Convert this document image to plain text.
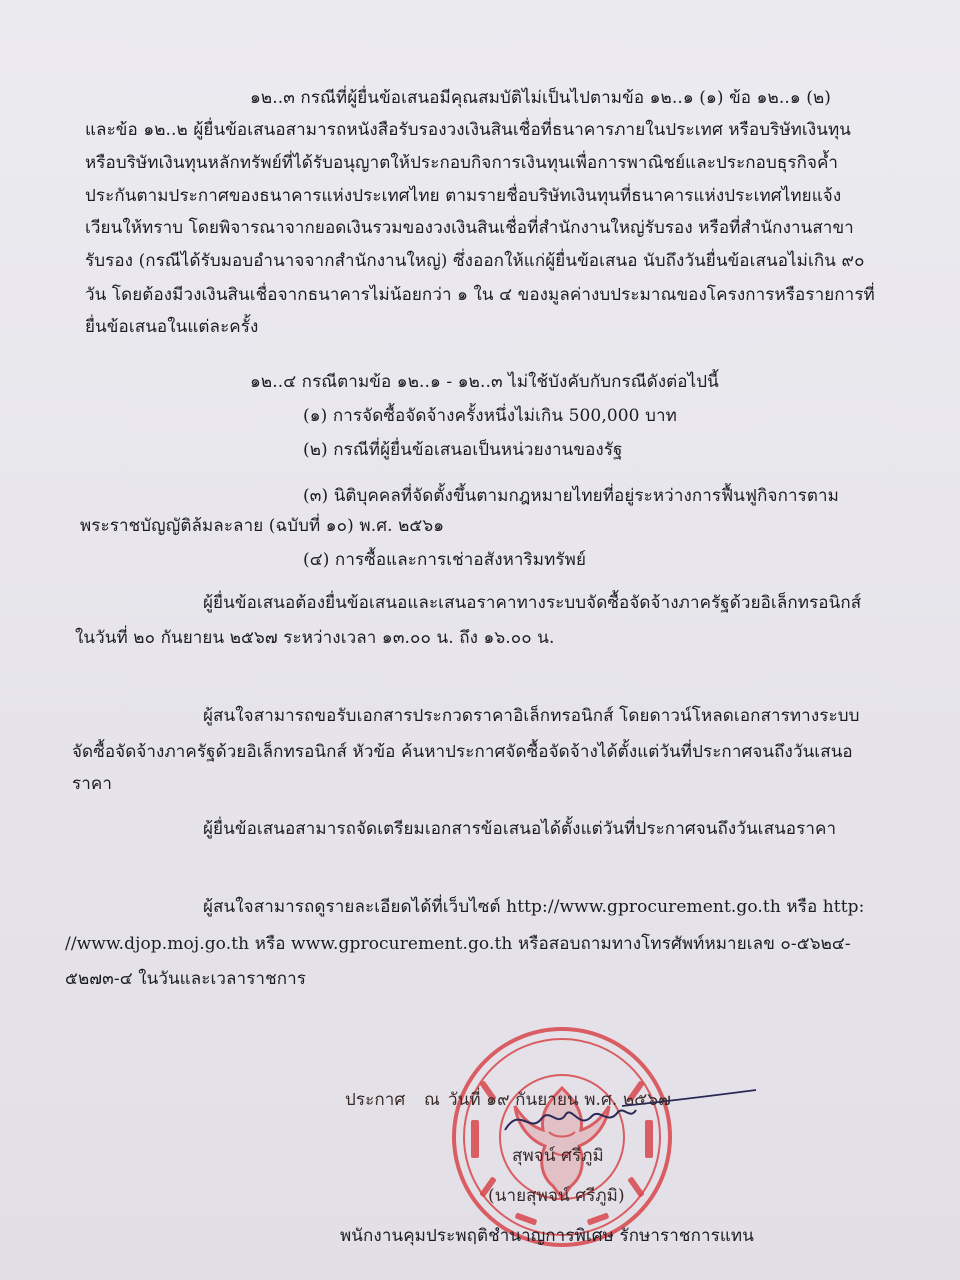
๑๒..๓ กรณีที่ผู้ยื่นข้อเสนอมีคุณสมบัติไม่เป็นไปตามข้อ ๑๒..๑ (๑) ข้อ ๑๒..๑ (๒)
และข้อ ๑๒..๒ ผู้ยื่นข้อเสนอสามารถหนังสือรับรองวงเงินสินเชื่อที่ธนาคารภายในประเทศ หรือบริษัทเงินทุน
หรือบริษัทเงินทุนหลักทรัพย์ที่ได้รับอนุญาตให้ประกอบกิจการเงินทุนเพื่อการพาณิชย์และประกอบธุรกิจค้ำ
ประกันตามประกาศของธนาคารแห่งประเทศไทย ตามรายชื่อบริษัทเงินทุนที่ธนาคารแห่งประเทศไทยแจ้ง
เวียนให้ทราบ โดยพิจารณาจากยอดเงินรวมของวงเงินสินเชื่อที่สำนักงานใหญ่รับรอง หรือที่สำนักงานสาขา
รับรอง (กรณีได้รับมอบอำนาจจากสำนักงานใหญ่) ซึ่งออกให้แก่ผู้ยื่นข้อเสนอ นับถึงวันยื่นข้อเสนอไม่เกิน ๙๐
วัน โดยต้องมีวงเงินสินเชื่อจากธนาคารไม่น้อยกว่า ๑ ใน ๔ ของมูลค่างบประมาณของโครงการหรือรายการที่
ยื่นข้อเสนอในแต่ละครั้ง
๑๒..๔ กรณีตามข้อ ๑๒..๑ - ๑๒..๓ ไม่ใช้บังคับกับกรณีดังต่อไปนี้
(๑) การจัดซื้อจัดจ้างครั้งหนึ่งไม่เกิน 500,000 บาท
(๒) กรณีที่ผู้ยื่นข้อเสนอเป็นหน่วยงานของรัฐ
(๓) นิติบุคคลที่จัดตั้งขึ้นตามกฎหมายไทยที่อยู่ระหว่างการฟื้นฟูกิจการตาม
พระราชบัญญัติล้มละลาย (ฉบับที่ ๑๐) พ.ศ. ๒๕๖๑
(๔) การซื้อและการเช่าอสังหาริมทรัพย์
ผู้ยื่นข้อเสนอต้องยื่นข้อเสนอและเสนอราคาทางระบบจัดซื้อจัดจ้างภาครัฐด้วยอิเล็กทรอนิกส์
ในวันที่ ๒๐ กันยายน ๒๕๖๗ ระหว่างเวลา ๑๓.๐๐ น. ถึง ๑๖.๐๐ น.
ผู้สนใจสามารถขอรับเอกสารประกวดราคาอิเล็กทรอนิกส์ โดยดาวน์โหลดเอกสารทางระบบ
จัดซื้อจัดจ้างภาครัฐด้วยอิเล็กทรอนิกส์ หัวข้อ ค้นหาประกาศจัดซื้อจัดจ้างได้ตั้งแต่วันที่ประกาศจนถึงวันเสนอ
ราคา
ผู้ยื่นข้อเสนอสามารถจัดเตรียมเอกสารข้อเสนอได้ตั้งแต่วันที่ประกาศจนถึงวันเสนอราคา
ผู้สนใจสามารถดูรายละเอียดได้ที่เว็บไซต์ http://www.gprocurement.go.th หรือ http:
//www.djop.moj.go.th หรือ www.gprocurement.go.th หรือสอบถามทางโทรศัพท์หมายเลข ๐-๕๖๒๔-
๕๒๗๓-๔ ในวันและเวลาราชการ
ประกาศ ณ วันที่ ๑๙ กันยายน พ.ศ. ๒๕๖๗
สุพจน์ ศรีภูมิ
(นายสุพจน์ ศรีภูมิ)
พนักงานคุมประพฤติชำนาญการพิเศษ รักษาราชการแทน
